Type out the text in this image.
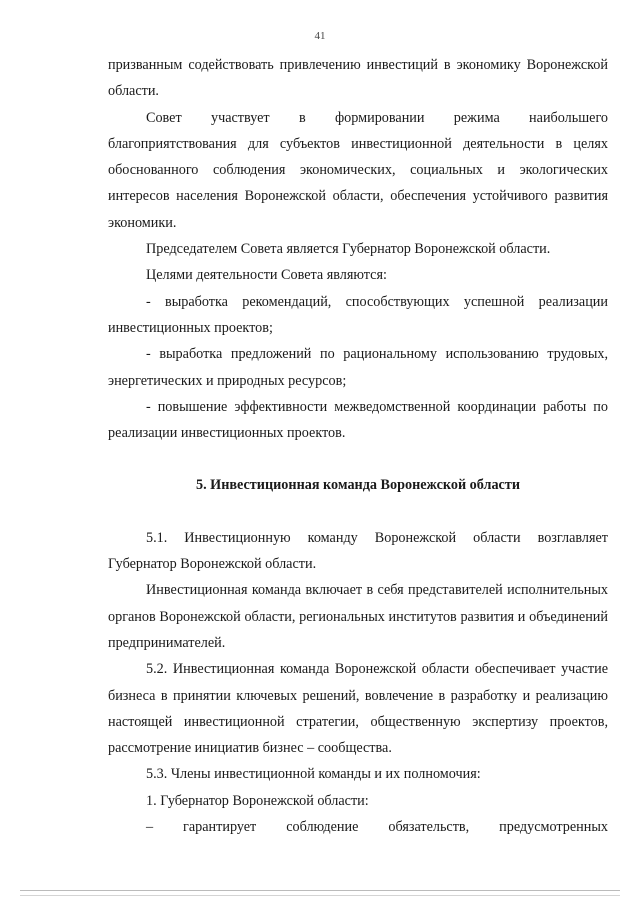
41

призванным содействовать привлечению инвестиций в экономику Воронежской области.

Совет участвует в формировании режима наибольшего благоприятствования для субъектов инвестиционной деятельности в целях обоснованного соблюдения экономических, социальных и экологических интересов населения Воронежской области, обеспечения устойчивого развития экономики.

Председателем Совета является Губернатор Воронежской области.

Целями деятельности Совета являются:

- выработка рекомендаций, способствующих успешной реализации инвестиционных проектов;

- выработка предложений по рациональному использованию трудовых, энергетических и природных ресурсов;

- повышение эффективности межведомственной координации работы по реализации инвестиционных проектов.

5. Инвестиционная команда Воронежской области

5.1. Инвестиционную команду Воронежской области возглавляет Губернатор Воронежской области.

Инвестиционная команда включает в себя представителей исполнительных органов Воронежской области, региональных институтов развития и объединений предпринимателей.

5.2. Инвестиционная команда Воронежской области обеспечивает участие бизнеса в принятии ключевых решений, вовлечение в разработку и реализацию настоящей инвестиционной стратегии, общественную экспертизу проектов, рассмотрение инициатив бизнес – сообщества.

5.3. Члены инвестиционной команды и их полномочия:

1. Губернатор Воронежской области:

– гарантирует соблюдение обязательств, предусмотренных
